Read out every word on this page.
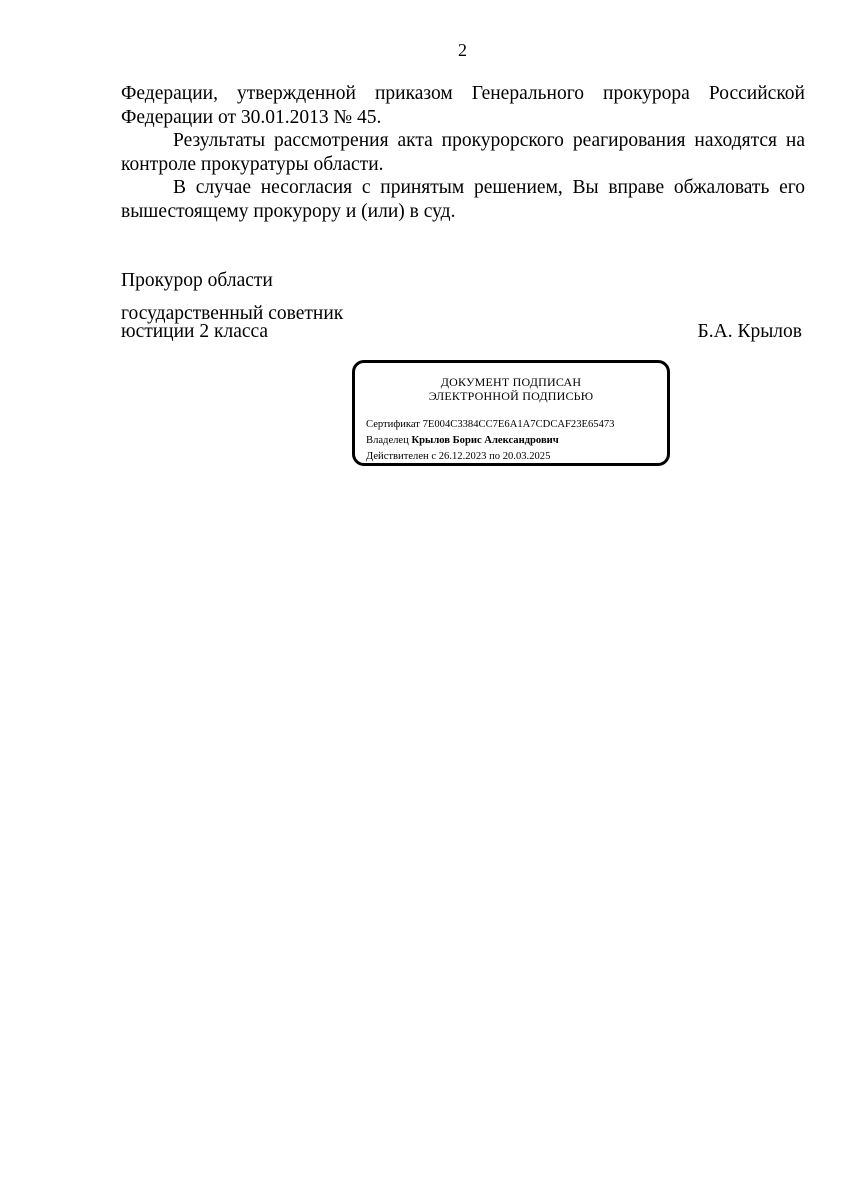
2

Федерации, утвержденной приказом Генерального прокурора Российской Федерации от 30.01.2013 № 45.

Результаты рассмотрения акта прокурорского реагирования находятся на контроле прокуратуры области.

В случае несогласия с принятым решением, Вы вправе обжаловать его вышестоящему прокурору и (или) в суд.

Прокурор области
государственный советник
юстиции 2 класса	Б.А. Крылов
ДОКУМЕНТ ПОДПИСАН
ЭЛЕКТРОННОЙ ПОДПИСЬЮ
Сертификат 7E004C3384CC7E6A1A7CDCAF23E65473
Владелец Крылов Борис Александрович
Действителен с 26.12.2023 по 20.03.2025
